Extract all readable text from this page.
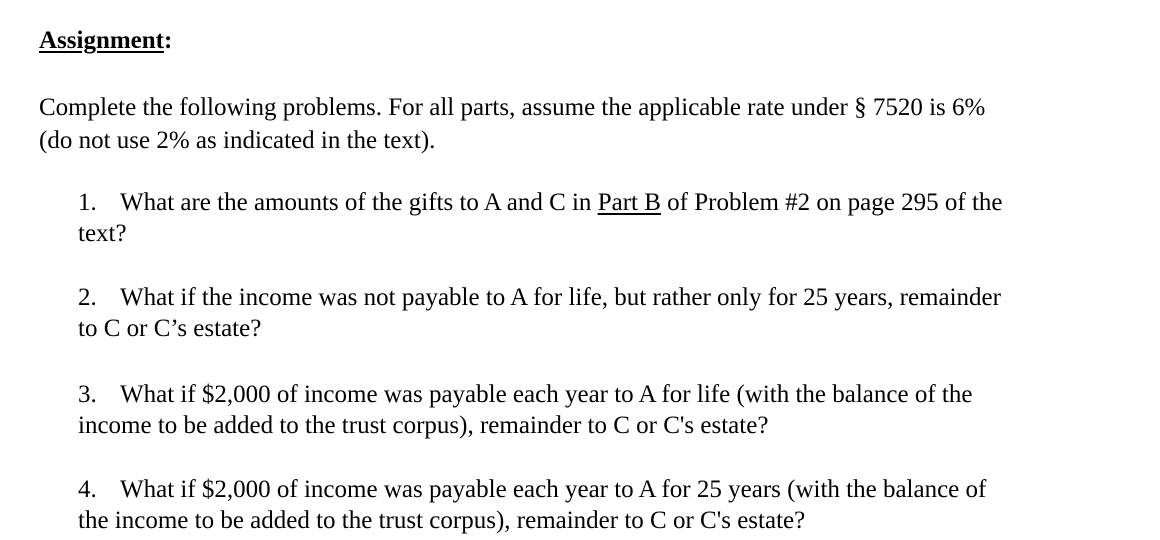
Assignment:
Complete the following problems. For all parts, assume the applicable rate under § 7520 is 6%
(do not use 2% as indicated in the text).
1. What are the amounts of the gifts to A and C in Part B of Problem #2 on page 295 of the
text?
2. What if the income was not payable to A for life, but rather only for 25 years, remainder
to C or C’s estate?
3. What if $2,000 of income was payable each year to A for life (with the balance of the
income to be added to the trust corpus), remainder to C or C's estate?
4. What if $2,000 of income was payable each year to A for 25 years (with the balance of
the income to be added to the trust corpus), remainder to C or C's estate?
